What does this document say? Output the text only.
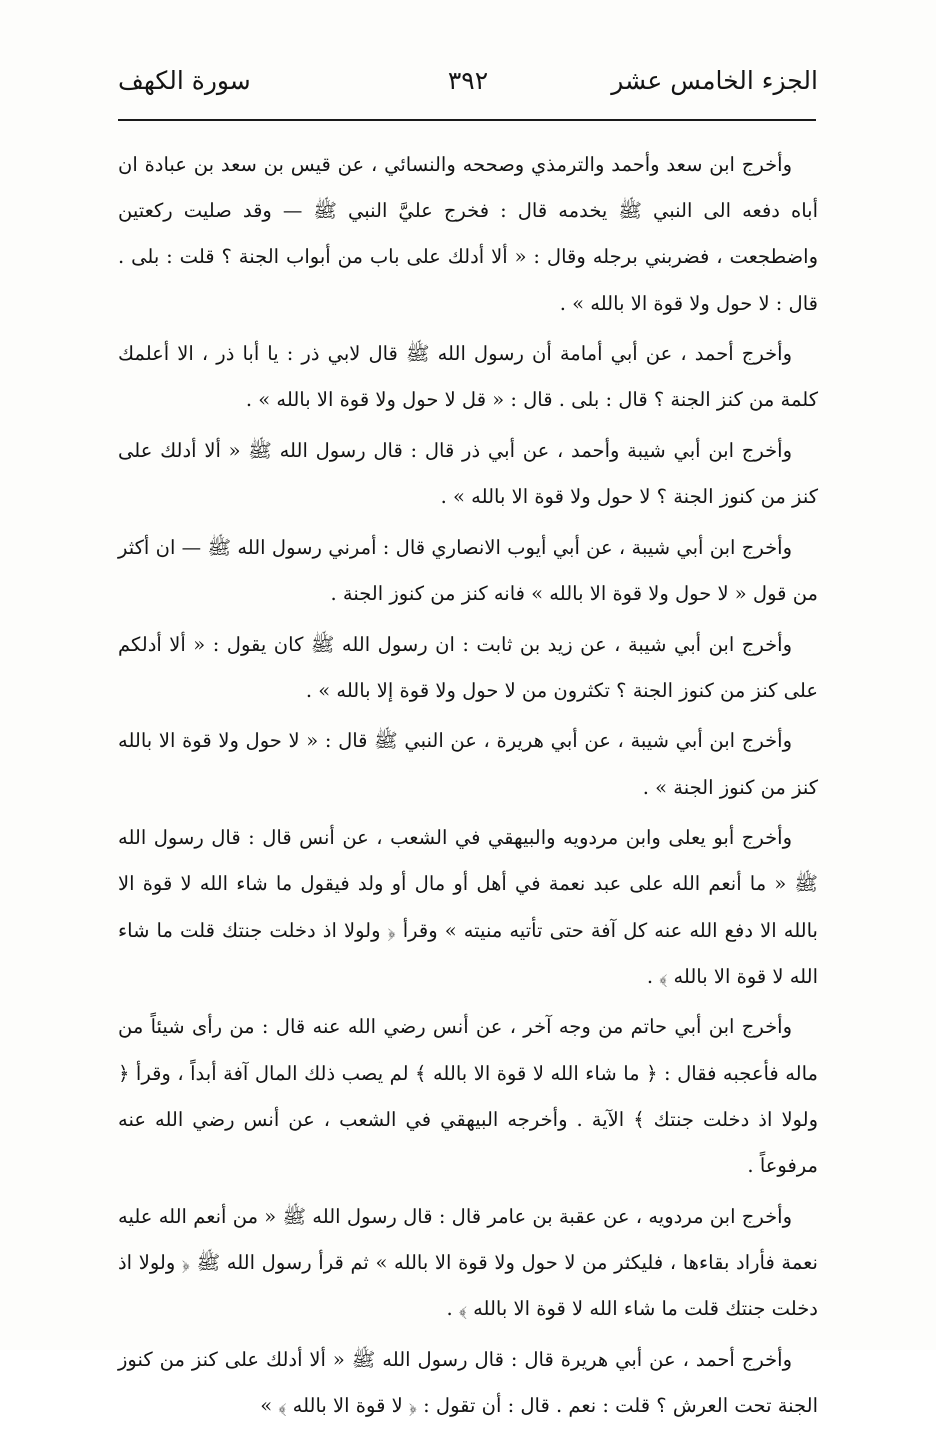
الجزء الخامس عشر
٣٩٢
سورة الكهف

وأخرج ابن سعد وأحمد والترمذي وصححه والنسائي ، عن قيس بن سعد بن عبادة ان أباه دفعه الى النبي ﷺ يخدمه قال : فخرج عليَّ النبي ﷺ — وقد صليت ركعتين واضطجعت ، فضربني برجله وقال : « ألا أدلك على باب من أبواب الجنة ؟ قلت : بلى . قال : لا حول ولا قوة الا بالله » .

وأخرج أحمد ، عن أبي أمامة أن رسول الله ﷺ قال لابي ذر : يا أبا ذر ، الا أعلمك كلمة من كنز الجنة ؟ قال : بلى . قال : « قل لا حول ولا قوة الا بالله » .

وأخرج ابن أبي شيبة وأحمد ، عن أبي ذر قال : قال رسول الله ﷺ « ألا أدلك على كنز من كنوز الجنة ؟ لا حول ولا قوة الا بالله » .

وأخرج ابن أبي شيبة ، عن أبي أيوب الانصاري قال : أمرني رسول الله ﷺ — ان أكثر من قول « لا حول ولا قوة الا بالله » فانه كنز من كنوز الجنة .

وأخرج ابن أبي شيبة ، عن زيد بن ثابت : ان رسول الله ﷺ كان يقول : « ألا أدلكم على كنز من كنوز الجنة ؟ تكثرون من لا حول ولا قوة إلا بالله » .

وأخرج ابن أبي شيبة ، عن أبي هريرة ، عن النبي ﷺ قال : « لا حول ولا قوة الا بالله كنز من كنوز الجنة » .

وأخرج أبو يعلى وابن مردويه والبيهقي في الشعب ، عن أنس قال : قال رسول الله ﷺ « ما أنعم الله على عبد نعمة في أهل أو مال أو ولد فيقول ما شاء الله لا قوة الا بالله الا دفع الله عنه كل آفة حتى تأتيه منيته » وقرأ ﴿ ولولا اذ دخلت جنتك قلت ما شاء الله لا قوة الا بالله ﴾ .

وأخرج ابن أبي حاتم من وجه آخر ، عن أنس رضي الله عنه قال : من رأى شيئاً من ماله فأعجبه فقال : ﴿ ما شاء الله لا قوة الا بالله ﴾ لم يصب ذلك المال آفة أبداً ، وقرأ ﴿ ولولا اذ دخلت جنتك ﴾ الآية . وأخرجه البيهقي في الشعب ، عن أنس رضي الله عنه مرفوعاً .

وأخرج ابن مردويه ، عن عقبة بن عامر قال : قال رسول الله ﷺ « من أنعم الله عليه نعمة فأراد بقاءها ، فليكثر من لا حول ولا قوة الا بالله » ثم قرأ رسول الله ﷺ ﴿ ولولا اذ دخلت جنتك قلت ما شاء الله لا قوة الا بالله ﴾ .

وأخرج أحمد ، عن أبي هريرة قال : قال رسول الله ﷺ « ألا أدلك على كنز من كنوز الجنة تحت العرش ؟ قلت : نعم . قال : أن تقول : ﴿ لا قوة الا بالله ﴾ »
